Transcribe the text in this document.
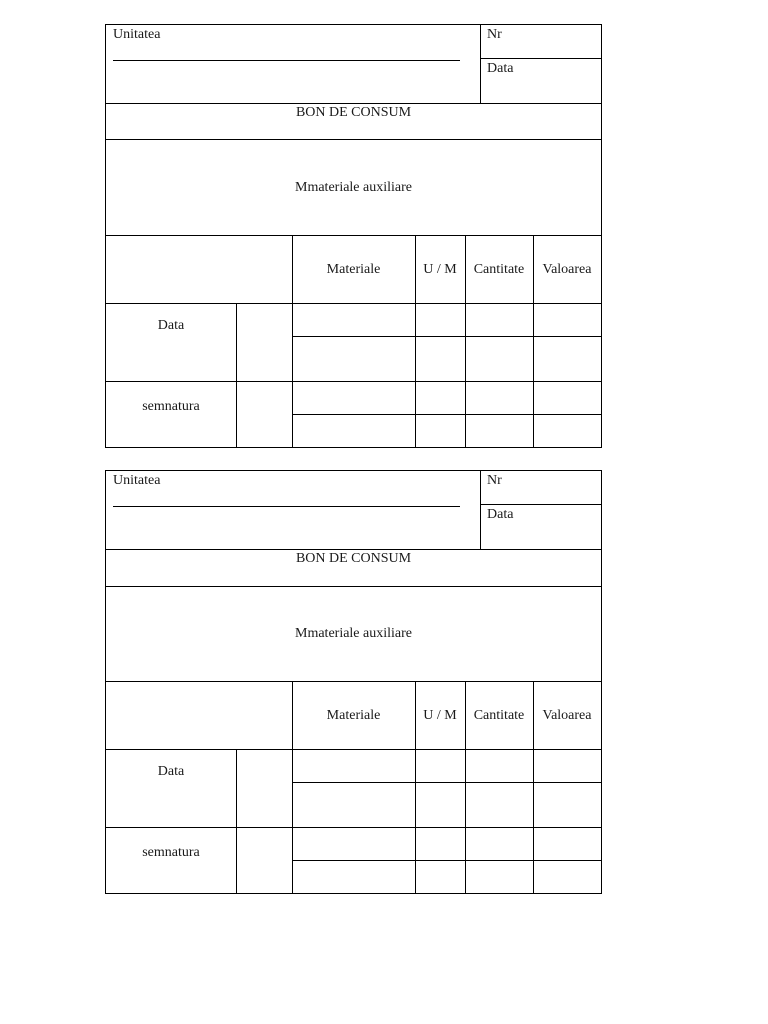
Unitatea	Nr
Data
BON DE CONSUM
Mmateriale auxiliare
Materiale	U / M	Cantitate	Valoarea
Data
semnatura
Unitatea	Nr
Data
BON DE CONSUM
Mmateriale auxiliare
Materiale	U / M	Cantitate	Valoarea
Data
semnatura
